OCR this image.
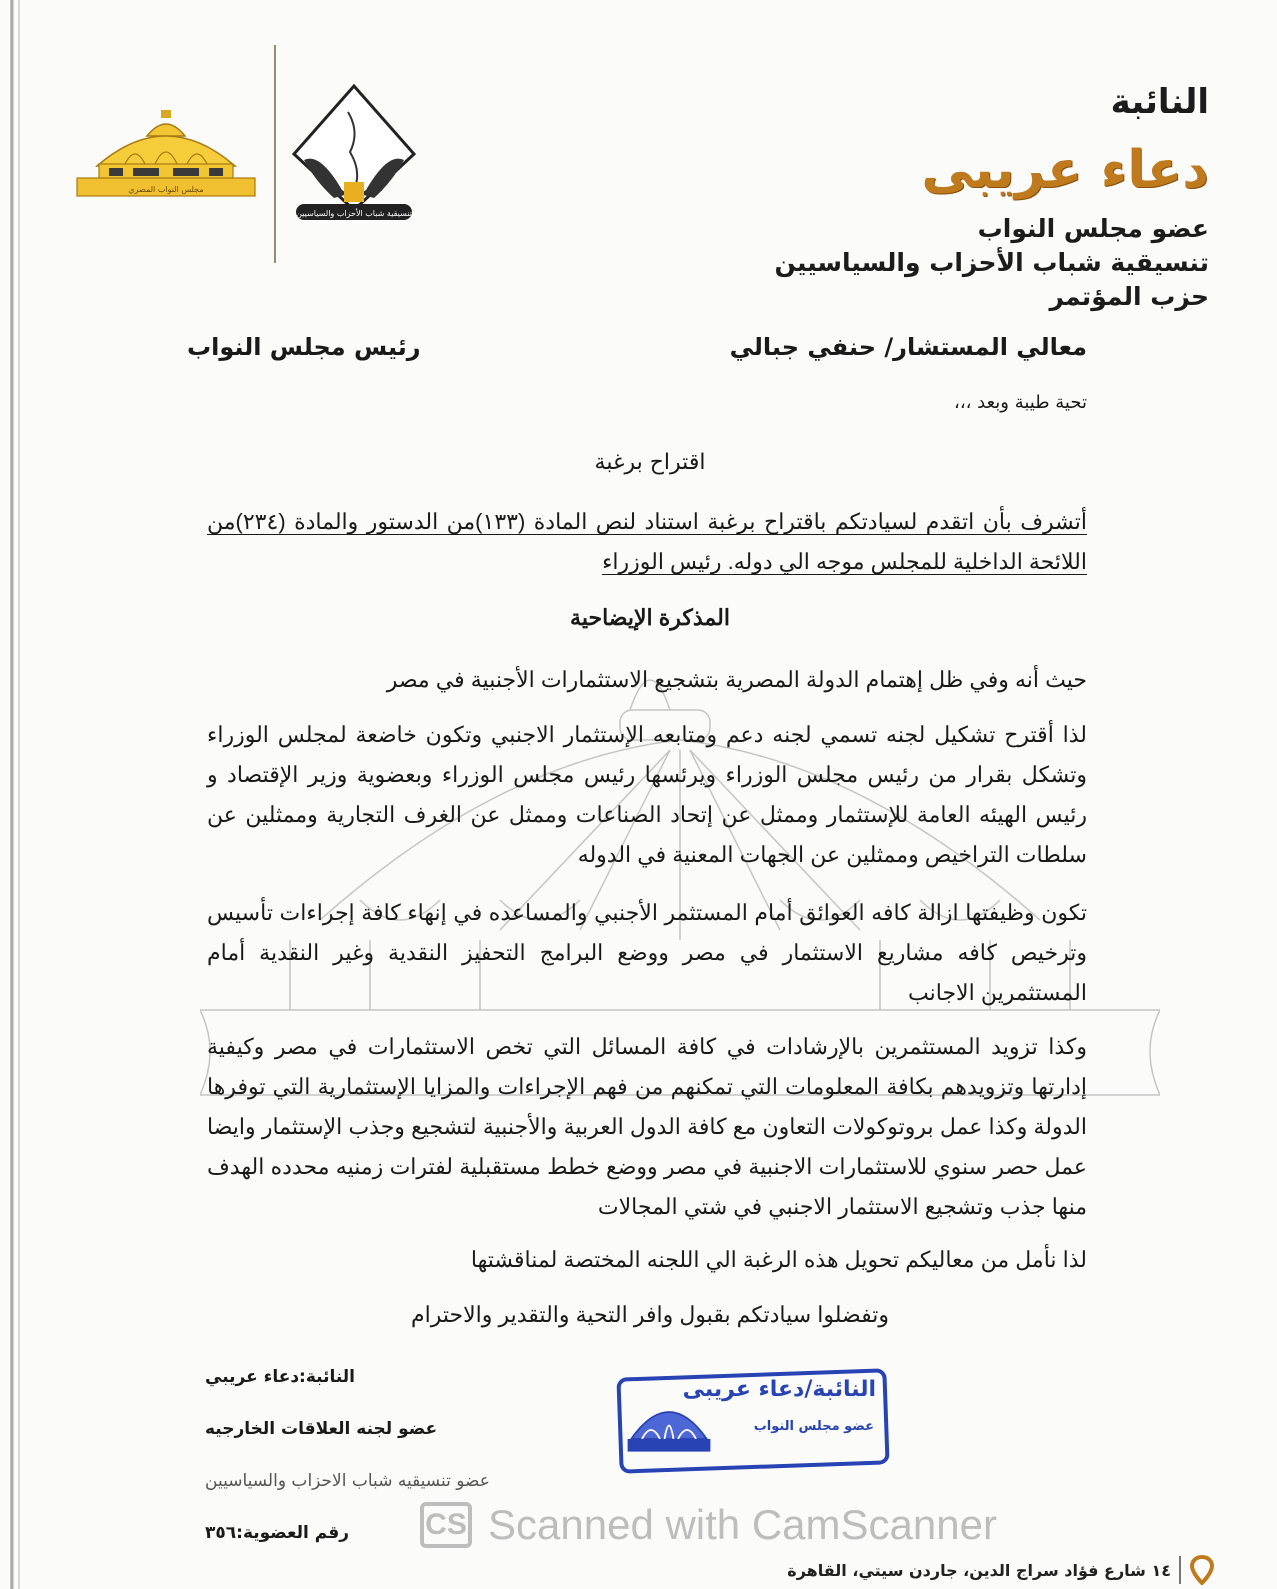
النائبة
دعاء عريبى
عضو مجلس النواب
تنسيقية شباب الأحزاب والسياسيين
حزب المؤتمر
مجلس النواب المصري
تنسيقية شباب الأحزاب والسياسيين
معالي المستشار/ حنفي جبالي
رئيس مجلس النواب
تحية طيبة وبعد ،،،
اقتراح برغبة
أتشرف بأن اتقدم لسيادتكم باقتراح برغبة استناد لنص المادة (١٣٣)من الدستور والمادة (٢٣٤)من اللائحة الداخلية للمجلس موجه الي دوله. رئيس الوزراء
المذكرة الإيضاحية
حيث أنه وفي ظل إهتمام الدولة المصرية بتشجيع الاستثمارات الأجنبية في مصر
لذا أقترح تشكيل لجنه تسمي لجنه دعم ومتابعه الإستثمار الاجنبي وتكون خاضعة لمجلس الوزراء وتشكل بقرار من رئيس مجلس الوزراء ويرئسها رئيس مجلس الوزراء وبعضوية وزير الإقتصاد و رئيس الهيئه العامة للإستثمار وممثل عن إتحاد الصناعات وممثل عن الغرف التجارية وممثلين عن سلطات التراخيص وممثلين عن الجهات المعنية في الدوله
تكون وظيفتها ازالة كافه العوائق أمام المستثمر الأجنبي والمساعده في إنهاء كافة إجراءات تأسيس وترخيص كافه مشاريع الاستثمار في مصر ووضع البرامج التحفيز النقدية وغير النقدية أمام المستثمرين الاجانب
وكذا تزويد المستثمرين بالإرشادات في كافة المسائل التي تخص الاستثمارات في مصر وكيفية إدارتها وتزويدهم بكافة المعلومات التي تمكنهم من فهم الإجراءات والمزايا الإستثمارية التي توفرها الدولة وكذا عمل بروتوكولات التعاون مع كافة الدول العربية والأجنبية لتشجيع وجذب الإستثمار وايضا عمل حصر سنوي للاستثمارات الاجنبية في مصر ووضع خطط مستقبلية لفترات زمنيه محدده الهدف منها جذب وتشجيع الاستثمار الاجنبي في شتي المجالات
لذا نأمل من معاليكم تحويل هذه الرغبة الي اللجنه المختصة لمناقشتها
وتفضلوا سيادتكم بقبول وافر التحية والتقدير والاحترام
النائبة:دعاء عريبي
عضو لجنه العلاقات الخارجيه
عضو تنسيقيه شباب الاحزاب والسياسيين
رقم العضوية:٣٥٦
النائبة/دعاء عريبى
عضو مجلس النواب
CS Scanned with CamScanner
١٤ شارع فؤاد سراج الدين، جاردن سيتي، القاهرة
